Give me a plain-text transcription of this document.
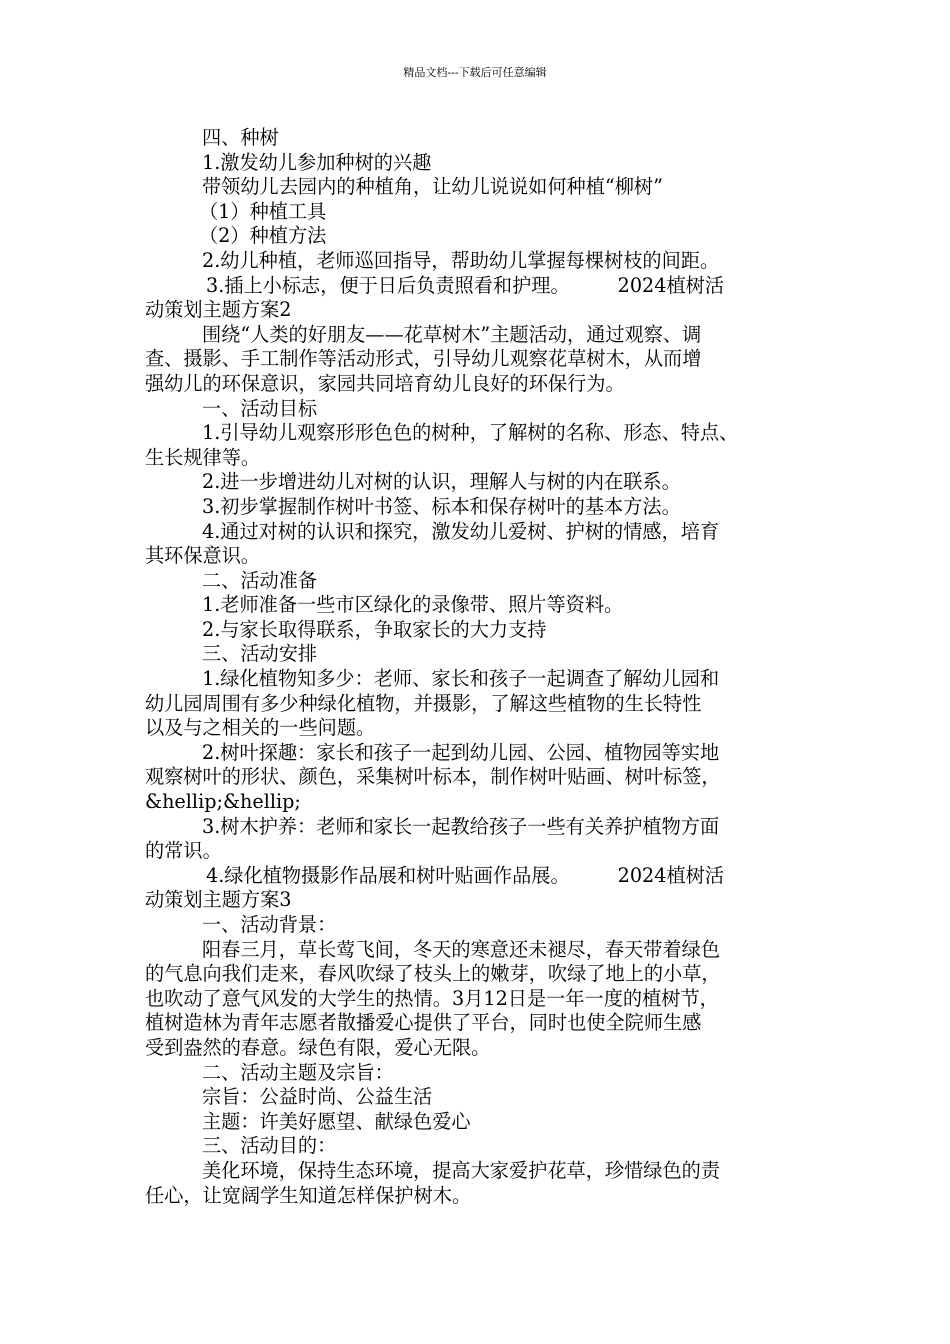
精品文档---下载后可任意编辑
四、种树
1.激发幼儿参加种树的兴趣
带领幼儿去园内的种植角，让幼儿说说如何种植“柳树”
（1）种植工具
（2）种植方法
2.幼儿种植，老师巡回指导，帮助幼儿掌握每棵树枝的间距。
3.插上小标志，便于日后负责照看和护理。　　　2024植树活
动策划主题方案2
围绕“人类的好朋友——花草树木”主题活动，通过观察、调
查、摄影、手工制作等活动形式，引导幼儿观察花草树木，从而增
强幼儿的环保意识，家园共同培育幼儿良好的环保行为。
一、活动目标
1.引导幼儿观察形形色色的树种，了解树的名称、形态、特点、
生长规律等。
2.进一步增进幼儿对树的认识，理解人与树的内在联系。
3.初步掌握制作树叶书签、标本和保存树叶的基本方法。
4.通过对树的认识和探究，激发幼儿爱树、护树的情感，培育
其环保意识。
二、活动准备
1.老师准备一些市区绿化的录像带、照片等资料。
2.与家长取得联系，争取家长的大力支持
三、活动安排
1.绿化植物知多少：老师、家长和孩子一起调查了解幼儿园和
幼儿园周围有多少种绿化植物，并摄影，了解这些植物的生长特性
以及与之相关的一些问题。
2.树叶探趣：家长和孩子一起到幼儿园、公园、植物园等实地
观察树叶的形状、颜色，采集树叶标本，制作树叶贴画、树叶标签，
&hellip;&hellip;
3.树木护养：老师和家长一起教给孩子一些有关养护植物方面
的常识。
4.绿化植物摄影作品展和树叶贴画作品展。　　　2024植树活
动策划主题方案3
一、活动背景：
阳春三月，草长莺飞间，冬天的寒意还未褪尽，春天带着绿色
的气息向我们走来，春风吹绿了枝头上的嫩芽，吹绿了地上的小草，
也吹动了意气风发的大学生的热情。3月12日是一年一度的植树节，
植树造林为青年志愿者散播爱心提供了平台，同时也使全院师生感
受到盎然的春意。绿色有限，爱心无限。
二、活动主题及宗旨：
宗旨：公益时尚、公益生活
主题：许美好愿望、献绿色爱心
三、活动目的：
美化环境，保持生态环境，提高大家爱护花草，珍惜绿色的责
任心，让宽阔学生知道怎样保护树木。
